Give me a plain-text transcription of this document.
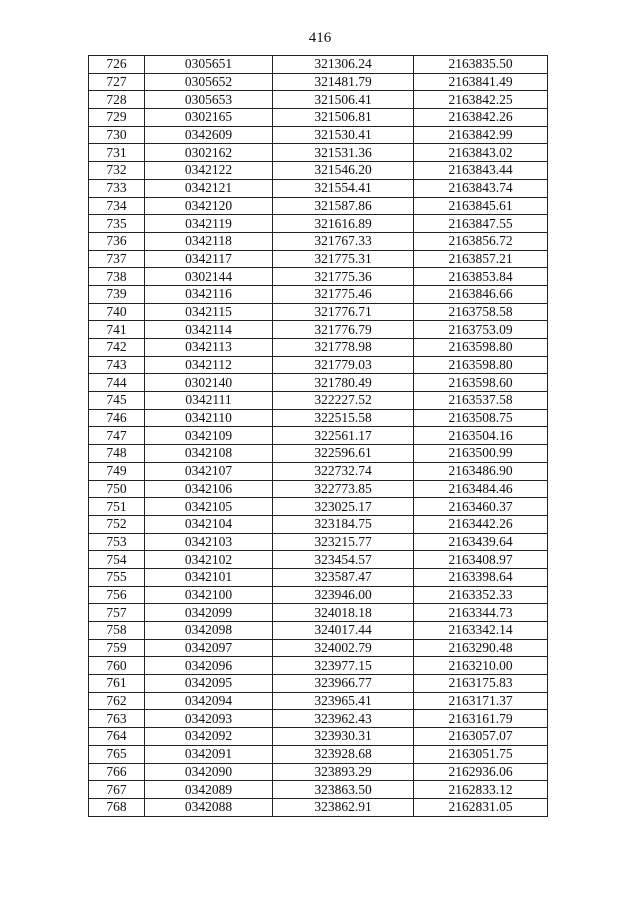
416
726	0305651	321306.24	2163835.50
727	0305652	321481.79	2163841.49
728	0305653	321506.41	2163842.25
729	0302165	321506.81	2163842.26
730	0342609	321530.41	2163842.99
731	0302162	321531.36	2163843.02
732	0342122	321546.20	2163843.44
733	0342121	321554.41	2163843.74
734	0342120	321587.86	2163845.61
735	0342119	321616.89	2163847.55
736	0342118	321767.33	2163856.72
737	0342117	321775.31	2163857.21
738	0302144	321775.36	2163853.84
739	0342116	321775.46	2163846.66
740	0342115	321776.71	2163758.58
741	0342114	321776.79	2163753.09
742	0342113	321778.98	2163598.80
743	0342112	321779.03	2163598.80
744	0302140	321780.49	2163598.60
745	0342111	322227.52	2163537.58
746	0342110	322515.58	2163508.75
747	0342109	322561.17	2163504.16
748	0342108	322596.61	2163500.99
749	0342107	322732.74	2163486.90
750	0342106	322773.85	2163484.46
751	0342105	323025.17	2163460.37
752	0342104	323184.75	2163442.26
753	0342103	323215.77	2163439.64
754	0342102	323454.57	2163408.97
755	0342101	323587.47	2163398.64
756	0342100	323946.00	2163352.33
757	0342099	324018.18	2163344.73
758	0342098	324017.44	2163342.14
759	0342097	324002.79	2163290.48
760	0342096	323977.15	2163210.00
761	0342095	323966.77	2163175.83
762	0342094	323965.41	2163171.37
763	0342093	323962.43	2163161.79
764	0342092	323930.31	2163057.07
765	0342091	323928.68	2163051.75
766	0342090	323893.29	2162936.06
767	0342089	323863.50	2162833.12
768	0342088	323862.91	2162831.05
